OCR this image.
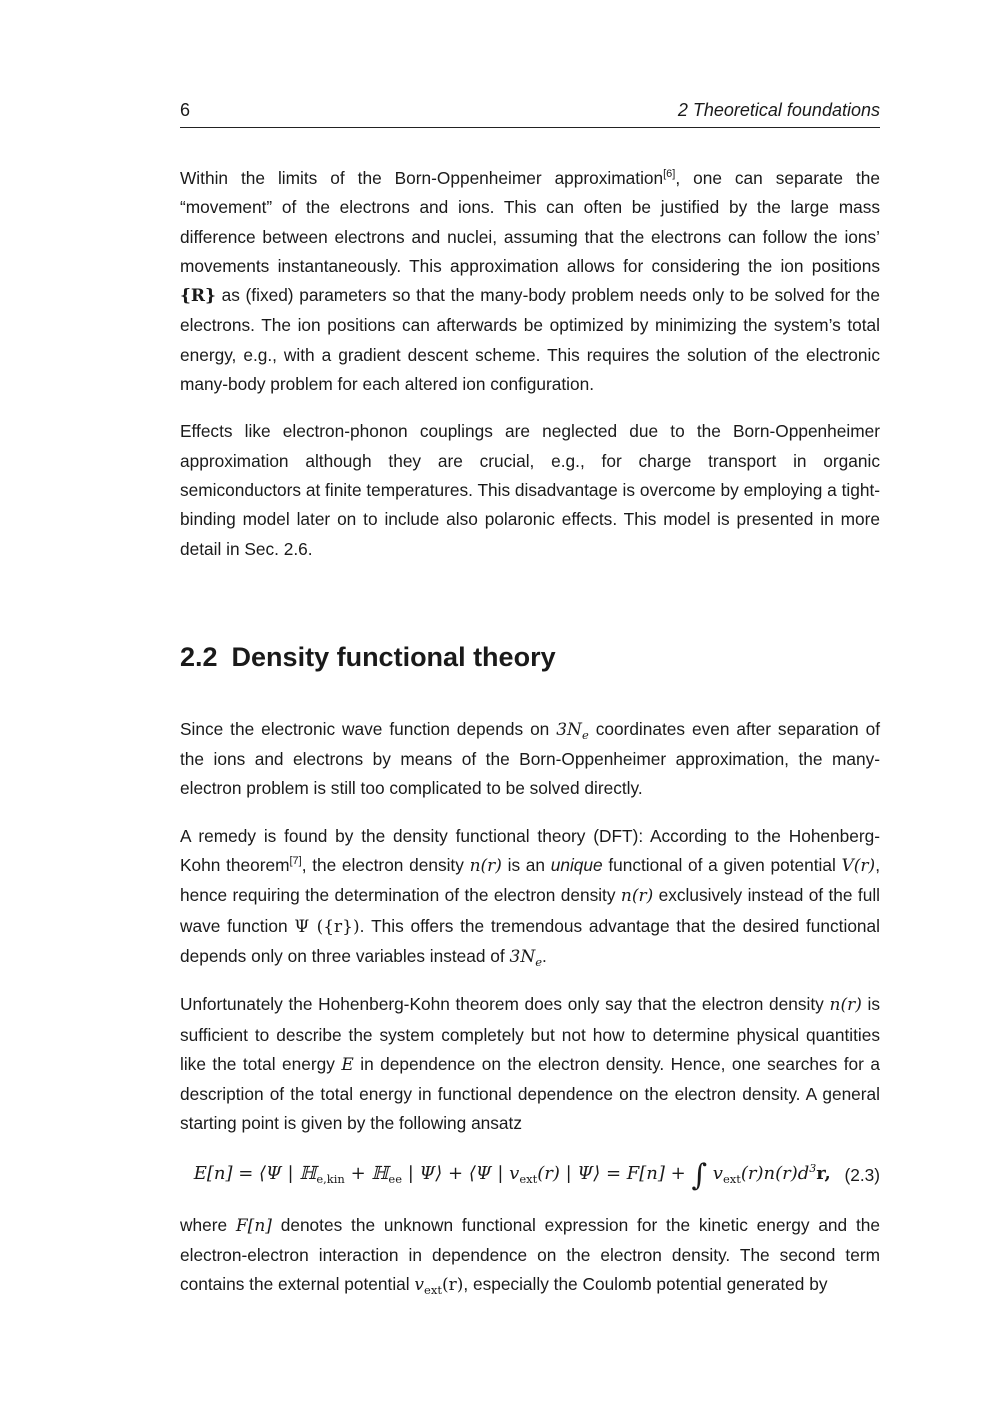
6	2 Theoretical foundations

Within the limits of the Born-Oppenheimer approximation[6], one can separate the “movement” of the electrons and ions. This can often be justified by the large mass difference between electrons and nuclei, assuming that the electrons can follow the ions’ movements instantaneously. This approximation allows for considering the ion positions {R} as (fixed) parameters so that the many-body problem needs only to be solved for the electrons. The ion positions can afterwards be optimized by minimizing the system’s total energy, e.g., with a gradient descent scheme. This requires the solution of the electronic many-body problem for each altered ion configuration.

Effects like electron-phonon couplings are neglected due to the Born-Oppenheimer approximation although they are crucial, e.g., for charge transport in organic semiconductors at finite temperatures. This disadvantage is overcome by employing a tight-binding model later on to include also polaronic effects. This model is presented in more detail in Sec. 2.6.

2.2 Density functional theory

Since the electronic wave function depends on $3N_e$ coordinates even after separation of the ions and electrons by means of the Born-Oppenheimer approximation, the many-electron problem is still too complicated to be solved directly.

A remedy is found by the density functional theory (DFT): According to the Hohenberg-Kohn theorem[7], the electron density n(r) is an unique functional of a given potential V(r), hence requiring the determination of the electron density n(r) exclusively instead of the full wave function Ψ ({r}). This offers the tremendous advantage that the desired functional depends only on three variables instead of $3N_e$.

Unfortunately the Hohenberg-Kohn theorem does only say that the electron density n(r) is sufficient to describe the system completely but not how to determine physical quantities like the total energy E in dependence on the electron density. Hence, one searches for a description of the total energy in functional dependence on the electron density. A general starting point is given by the following ansatz

E[n] = ⟨Ψ | ℍ$_{e,kin}$ + ℍ$_{ee}$ | Ψ⟩ + ⟨Ψ | $v_{ext}(r)$ | Ψ⟩ = F[n] + ∫ $v_{ext}(r)n(r)d^3r$, (2.3)

where F[n] denotes the unknown functional expression for the kinetic energy and the electron-electron interaction in dependence on the electron density. The second term contains the external potential $v_{ext}(r)$, especially the Coulomb potential generated by
